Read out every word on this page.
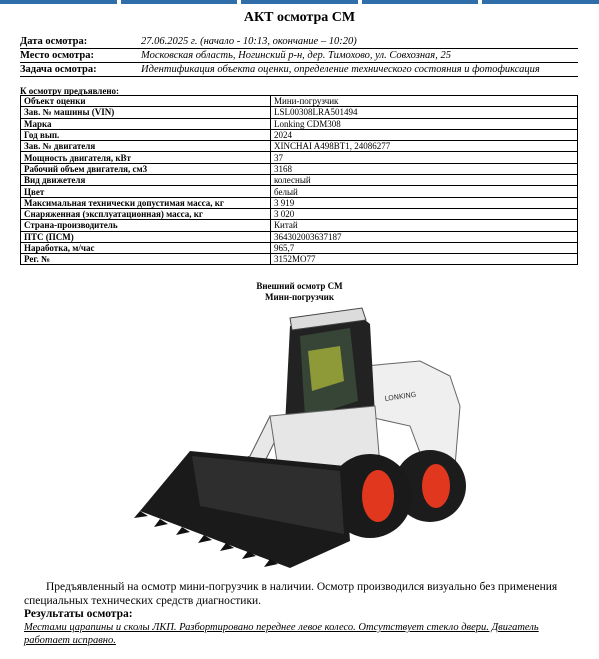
АКТ осмотра СМ
Дата осмотра:	27.06.2025 г. (начало - 10:13, окончание – 10:20)
Место осмотра:	Московская область, Ногинский р-н, дер. Тимохово, ул. Совхозная, 25
Задача осмотра:	Идентификация объекта оценки, определение технического состояния и фотофиксация
К осмотру предъявлено:
Объект оценки	Мини-погрузчик
Зав. № машины (VIN)	LSL00308LRA501494
Марка	Lonking CDM308
Год вып.	2024
Зав. № двигателя	XINCHAI A498BT1, 24086277
Мощность двигателя, кВт	37
Рабочий объем двигателя, см3	3168
Вид движетеля	колесный
Цвет	белый
Максимальная технически допустимая масса, кг	3 919
Снаряженная (эксплуатационная) масса, кг	3 020
Страна-производитель	Китай
ПТС (ПСМ)	364302003637187
Наработка, м/час	965,7
Рег. №	3152МО77
Внешний осмотр СМ
Мини-погрузчик
LONKING
Предъявленный на осмотр мини-погрузчик в наличии. Осмотр производился визуально без применения специальных технических средств диагностики.
Результаты осмотра:
Местами царапины и сколы ЛКП. Разбортировано переднее левое колесо. Отсутствует стекло двери. Двигатель работает исправно.
